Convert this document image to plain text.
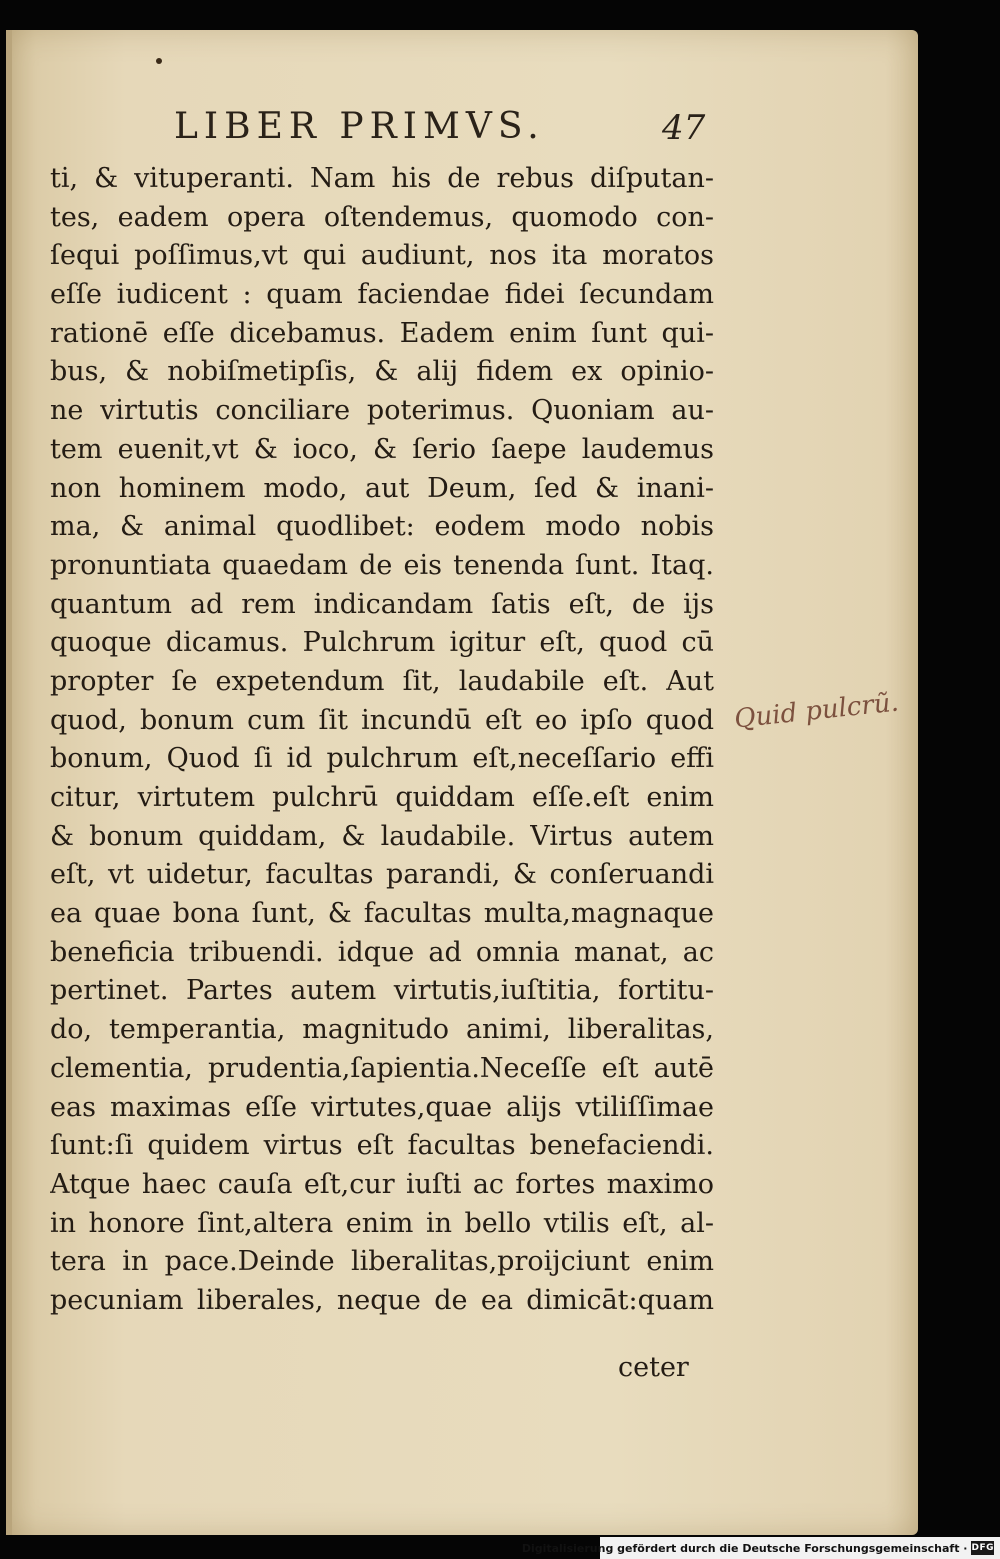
LIBER PRIMVS.	47
ti, & vituperanti. Nam his de rebus diſputan-
tes, eadem opera oſtendemus, quomodo con-
ſequi poſſimus,vt qui audiunt, nos ita moratos
eſſe iudicent : quam faciendae fidei ſecundam
rationē eſſe dicebamus. Eadem enim ſunt qui-
bus, & nobiſmetipſis, & alij fidem ex opinio-
ne virtutis conciliare poterimus. Quoniam au-
tem euenit,vt & ioco, & ſerio ſaepe laudemus
non hominem modo, aut Deum, ſed & inani-
ma, & animal quodlibet: eodem modo nobis
pronuntiata quaedam de eis tenenda ſunt. Itaq.
quantum ad rem indicandam ſatis eſt, de ijs
quoque dicamus. Pulchrum igitur eſt, quod cū
propter ſe expetendum ſit, laudabile eſt. Aut
quod, bonum cum ſit incundū eſt eo ipſo quod
bonum, Quod ſi id pulchrum eſt,neceſſario effi
citur, virtutem pulchrū quiddam eſſe.eſt enim
& bonum quiddam, & laudabile. Virtus autem
eſt, vt uidetur, facultas parandi, & conſeruandi
ea quae bona ſunt, & facultas multa,magnaque
beneficia tribuendi. idque ad omnia manat, ac
pertinet. Partes autem virtutis,iuſtitia, fortitu-
do, temperantia, magnitudo animi, liberalitas,
clementia, prudentia,ſapientia.Neceſſe eſt autē
eas maximas eſſe virtutes,quae alijs vtiliſſimae
ſunt:ſi quidem virtus eſt facultas benefaciendi.
Atque haec cauſa eſt,cur iuſti ac fortes maximo
in honore ſint,altera enim in bello vtilis eſt, al-
tera in pace.Deinde liberalitas,proijciunt enim
pecuniam liberales, neque de ea dimicāt:quam
ceter
Quid pulcrũ.
Digitalisierung gefördert durch die Deutsche Forschungsgemeinschaft · DFG
